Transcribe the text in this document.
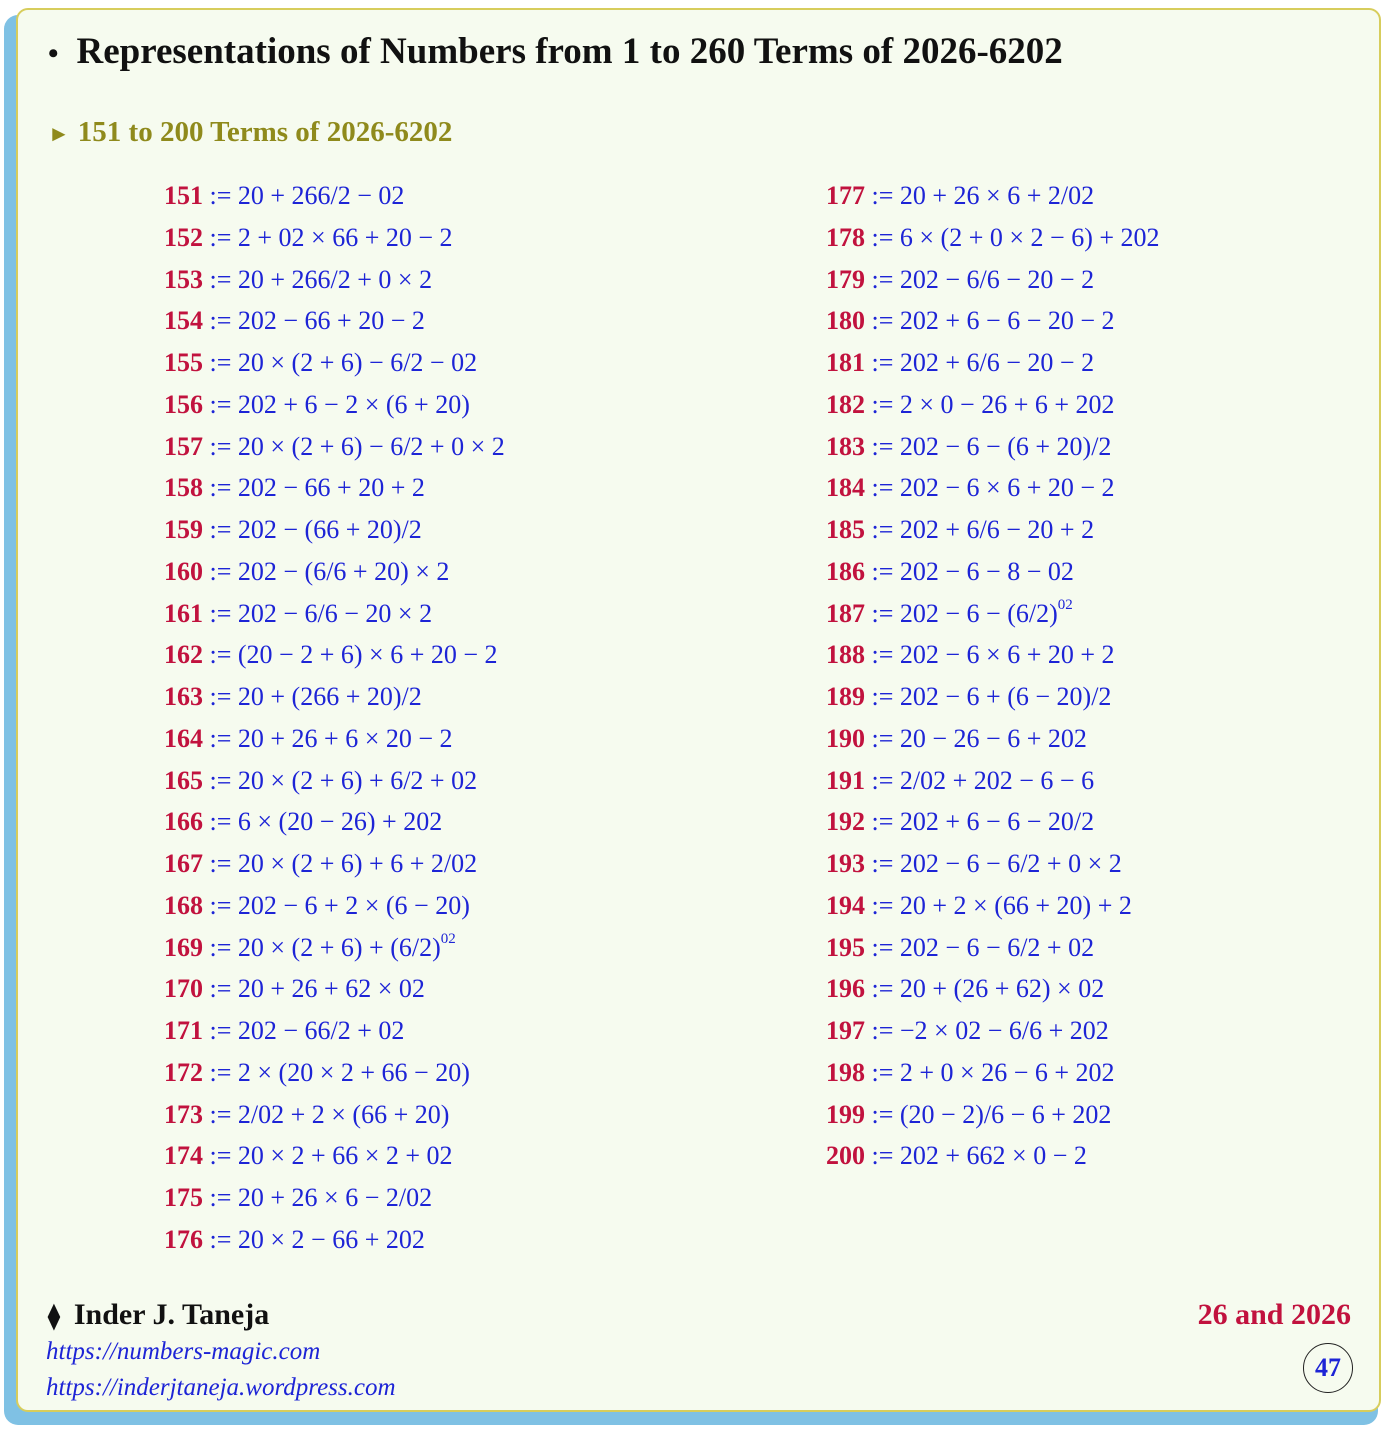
• Representations of Numbers from 1 to 260 Terms of 2026-6202
► 151 to 200 Terms of 2026-6202
151 := 20 + 266/2 − 02
152 := 2 + 02 × 66 + 20 − 2
153 := 20 + 266/2 + 0 × 2
154 := 202 − 66 + 20 − 2
155 := 20 × (2 + 6) − 6/2 − 02
156 := 202 + 6 − 2 × (6 + 20)
157 := 20 × (2 + 6) − 6/2 + 0 × 2
158 := 202 − 66 + 20 + 2
159 := 202 − (66 + 20)/2
160 := 202 − (6/6 + 20) × 2
161 := 202 − 6/6 − 20 × 2
162 := (20 − 2 + 6) × 6 + 20 − 2
163 := 20 + (266 + 20)/2
164 := 20 + 26 + 6 × 20 − 2
165 := 20 × (2 + 6) + 6/2 + 02
166 := 6 × (20 − 26) + 202
167 := 20 × (2 + 6) + 6 + 2/02
168 := 202 − 6 + 2 × (6 − 20)
169 := $20 \times (2 + 6) + (6/2)^{02}$
170 := 20 + 26 + 62 × 02
171 := 202 − 66/2 + 02
172 := 2 × (20 × 2 + 66 − 20)
173 := 2/02 + 2 × (66 + 20)
174 := 20 × 2 + 66 × 2 + 02
175 := 20 + 26 × 6 − 2/02
176 := 20 × 2 − 66 + 202
177 := 20 + 26 × 6 + 2/02
178 := 6 × (2 + 0 × 2 − 6) + 202
179 := 202 − 6/6 − 20 − 2
180 := 202 + 6 − 6 − 20 − 2
181 := 202 + 6/6 − 20 − 2
182 := 2 × 0 − 26 + 6 + 202
183 := 202 − 6 − (6 + 20)/2
184 := 202 − 6 × 6 + 20 − 2
185 := 202 + 6/6 − 20 + 2
186 := 202 − 6 − 8 − 02
187 := $202 - 6 - (6/2)^{02}$
188 := 202 − 6 × 6 + 20 + 2
189 := 202 − 6 + (6 − 20)/2
190 := 20 − 26 − 6 + 202
191 := 2/02 + 202 − 6 − 6
192 := 202 + 6 − 6 − 20/2
193 := 202 − 6 − 6/2 + 0 × 2
194 := 20 + 2 × (66 + 20) + 2
195 := 202 − 6 − 6/2 + 02
196 := 20 + (26 + 62) × 02
197 := −2 × 02 − 6/6 + 202
198 := 2 + 0 × 26 − 6 + 202
199 := (20 − 2)/6 − 6 + 202
200 := 202 + 662 × 0 − 2
⧫ Inder J. Taneja
https://numbers-magic.com
https://inderjtaneja.wordpress.com
26 and 2026
47
